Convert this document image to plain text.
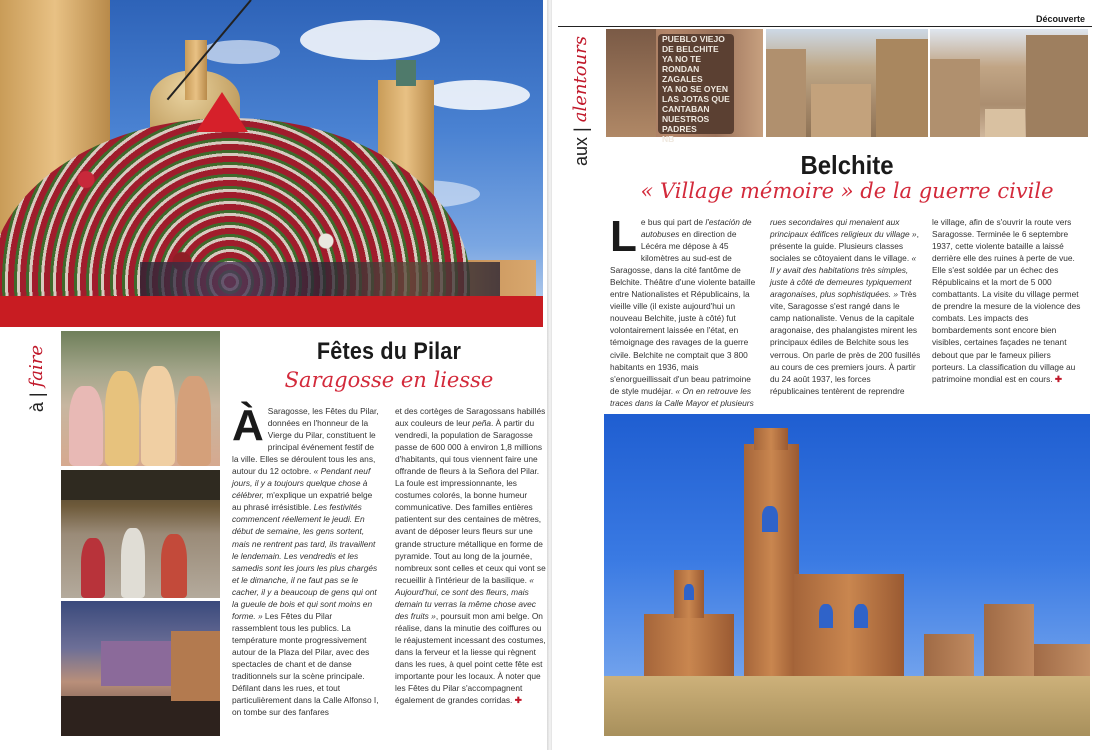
à | faire	Fêtes du Pilar
Saragosse en liesse
À Saragosse, les Fêtes du Pilar, données en l'honneur de la Vierge du Pilar, constituent le principal événement festif de la ville. Elles se déroulent tous les ans, autour du 12 octobre. « Pendant neuf jours, il y a toujours quelque chose à célébrer, m'explique un expatrié belge au phrasé irrésistible. Les festivités commencent réellement le jeudi. En début de semaine, les gens sortent, mais ne rentrent pas tard, ils travaillent le lendemain. Les vendredis et les samedis sont les jours les plus chargés et le dimanche, il ne faut pas se le cacher, il y a beaucoup de gens qui ont la gueule de bois et qui sont moins en forme. » Les Fêtes du Pilar rassemblent tous les publics. La température monte progressivement autour de la Plaza del Pilar, avec des spectacles de chant et de danse traditionnels sur la scène principale. Défilant dans les rues, et tout particulièrement dans la Calle Alfonso I, on tombe sur des fanfares
et des cortèges de Saragossans habillés aux couleurs de leur peña. À partir du vendredi, la population de Saragosse passe de 600 000 à environ 1,8 millions d'habitants, qui tous viennent faire une offrande de fleurs à la Señora del Pilar. La foule est impressionnante, les costumes colorés, la bonne humeur communicative. Des familles entières patientent sur des centaines de mètres, avant de déposer leurs fleurs sur une grande structure métallique en forme de pyramide. Tout au long de la journée, nombreux sont celles et ceux qui vont se recueillir à l'intérieur de la basilique. « Aujourd'hui, ce sont des fleurs, mais demain tu verras la même chose avec des fruits », poursuit mon ami belge. On réalise, dans la minutie des coiffures ou le réajustement incessant des costumes, dans la ferveur et la liesse qui règnent dans les rues, à quel point cette fête est importante pour les locaux. À noter que les Fêtes du Pilar s'accompagnent également de grandes corridas. ✚
Découverte
aux | alentours	PUEBLO VIEJO
DE BELCHITE
YA NO TE RONDAN
ZAGALES
YA NO SE OYEN
LAS JOTAS QUE
CANTABAN NUESTROS
PADRES
NB
Belchite
« Village mémoire » de la guerre civile
L e bus qui part de l'estación de autobuses en direction de Lécéra me dépose à 45 kilomètres au sud-est de Saragosse, dans la cité fantôme de Belchite. Théâtre d'une violente bataille entre Nationalistes et Républicains, la vieille ville (il existe aujourd'hui un nouveau Belchite, juste à côté) fut volontairement laissée en l'état, en témoignage des ravages de la guerre civile. Belchite ne comptait que 3 800 habitants en 1936, mais s'enorgueillissait d'un beau patrimoine de style mudéjar. « On en retrouve les traces dans la Calle Mayor et plusieurs
rues secondaires qui menaient aux principaux édifices religieux du village », présente la guide. Plusieurs classes sociales se côtoyaient dans le village. « Il y avait des habitations très simples, juste à côté de demeures typiquement aragonaises, plus sophistiquées. » Très vite, Saragosse s'est rangé dans le camp nationaliste. Venus de la capitale aragonaise, des phalangistes mirent les principaux édiles de Belchite sous les verrous. On parle de près de 200 fusillés au cours de ces premiers jours. À partir du 24 août 1937, les forces républicaines tentèrent de reprendre
le village, afin de s'ouvrir la route vers Saragosse. Terminée le 6 septembre 1937, cette violente bataille a laissé derrière elle des ruines à perte de vue. Elle s'est soldée par un échec des Républicains et la mort de 5 000 combattants. La visite du village permet de prendre la mesure de la violence des combats. Les impacts des bombardements sont encore bien visibles, certaines façades ne tenant debout que par le fameux piliers porteurs. La classification du village au patrimoine mondial est en cours. ✚
